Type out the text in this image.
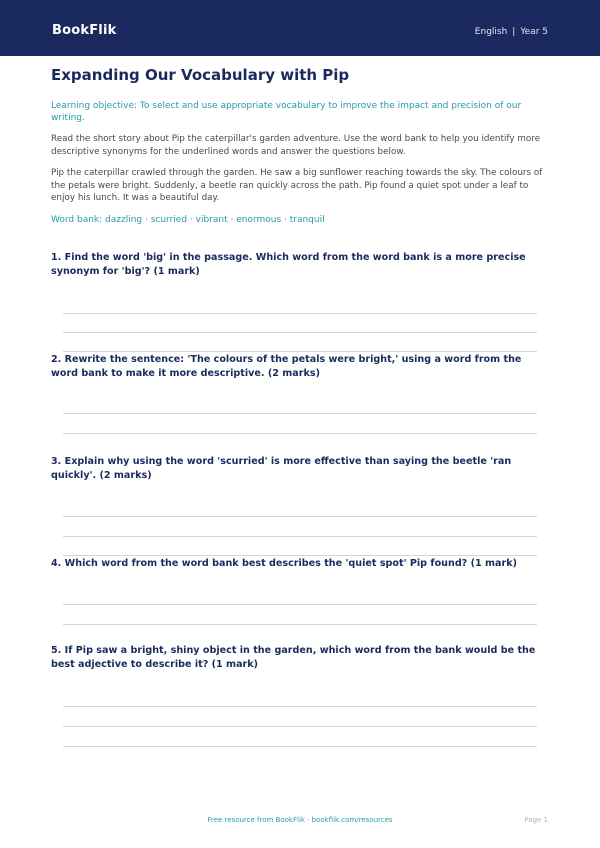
BookFlik	English | Year 5
Expanding Our Vocabulary with Pip

Learning objective: To select and use appropriate vocabulary to improve the impact and precision of our writing.

Read the short story about Pip the caterpillar's garden adventure. Use the word bank to help you identify more descriptive synonyms for the underlined words and answer the questions below.

Pip the caterpillar crawled through the garden. He saw a big sunflower reaching towards the sky. The colours of the petals were bright. Suddenly, a beetle ran quickly across the path. Pip found a quiet spot under a leaf to enjoy his lunch. It was a beautiful day.

Word bank: dazzling · scurried · vibrant · enormous · tranquil

1. Find the word 'big' in the passage. Which word from the word bank is a more precise synonym for 'big'? (1 mark)
2. Rewrite the sentence: 'The colours of the petals were bright,' using a word from the word bank to make it more descriptive. (2 marks)
3. Explain why using the word 'scurried' is more effective than saying the beetle 'ran quickly'. (2 marks)
4. Which word from the word bank best describes the 'quiet spot' Pip found? (1 mark)
5. If Pip saw a bright, shiny object in the garden, which word from the bank would be the best adjective to describe it? (1 mark)
Free resource from BookFlik · bookflik.com/resources	Page 1
